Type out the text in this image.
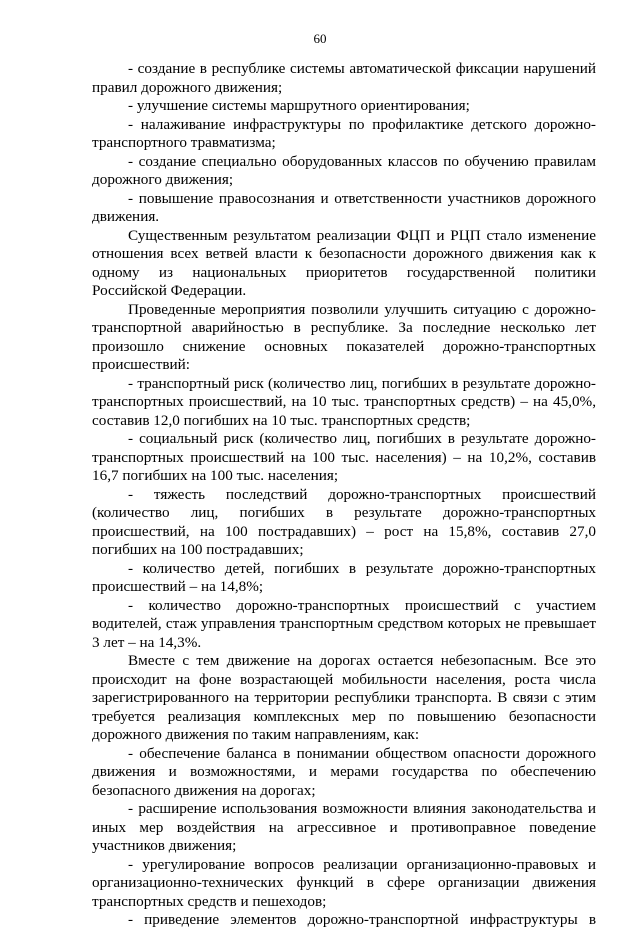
60

- создание в республике системы автоматической фиксации нарушений правил дорожного движения;

- улучшение системы маршрутного ориентирования;

- налаживание инфраструктуры по профилактике детского дорожно-транспортного травматизма;

- создание специально оборудованных классов по обучению правилам дорожного движения;

- повышение правосознания и ответственности участников дорожного движения.

Существенным результатом реализации ФЦП и РЦП стало изменение отношения всех ветвей власти к безопасности дорожного движения как к одному из национальных приоритетов государственной политики Российской Федерации.

Проведенные мероприятия позволили улучшить ситуацию с дорожно-транспортной аварийностью в республике. За последние несколько лет произошло снижение основных показателей дорожно-транспортных происшествий:

- транспортный риск (количество лиц, погибших в результате дорожно-транспортных происшествий, на 10 тыс. транспортных средств) – на 45,0%, составив 12,0 погибших на 10 тыс. транспортных средств;

- социальный риск (количество лиц, погибших в результате дорожно-транспортных происшествий на 100 тыс. населения) – на 10,2%, составив 16,7 погибших на 100 тыс. населения;

- тяжесть последствий дорожно-транспортных происшествий (количество лиц, погибших в результате дорожно-транспортных происшествий, на 100 пострадавших) – рост на 15,8%, составив 27,0 погибших на 100 пострадавших;

- количество детей, погибших в результате дорожно-транспортных происшествий – на 14,8%;

- количество дорожно-транспортных происшествий с участием водителей, стаж управления транспортным средством которых не превышает 3 лет – на 14,3%.

Вместе с тем движение на дорогах остается небезопасным. Все это происходит на фоне возрастающей мобильности населения, роста числа зарегистрированного на территории республики транспорта. В связи с этим требуется реализация комплексных мер по повышению безопасности дорожного движения по таким направлениям, как:

- обеспечение баланса в понимании обществом опасности дорожного движения и возможностями, и мерами государства по обеспечению безопасного движения на дорогах;

- расширение использования возможности влияния законодательства и иных мер воздействия на агрессивное и противоправное поведение участников движения;

- урегулирование вопросов реализации организационно-правовых и организационно-технических функций в сфере организации движения транспортных средств и пешеходов;

- приведение элементов дорожно-транспортной инфраструктуры в
